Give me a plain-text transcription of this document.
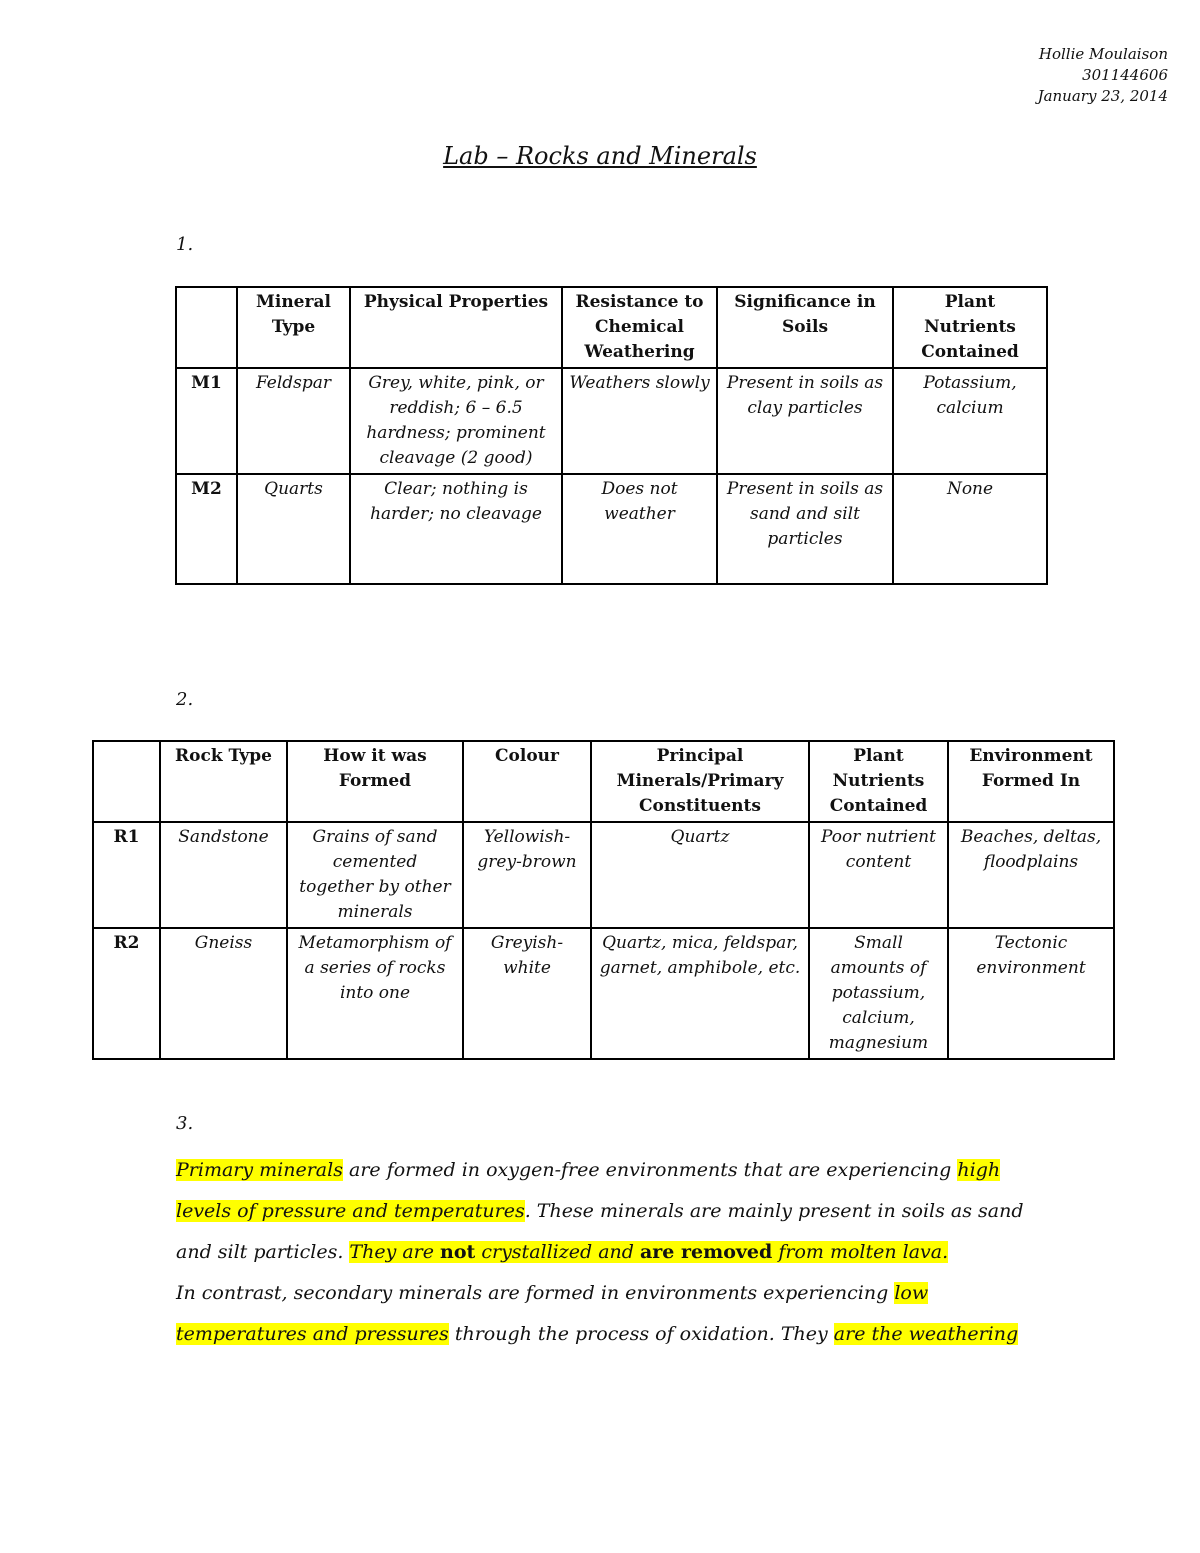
Hollie Moulaison
301144606
January 23, 2014
Lab – Rocks and Minerals
1.
	Mineral Type	Physical Properties	Resistance to Chemical Weathering	Significance in Soils	Plant Nutrients Contained
M1	Feldspar	Grey, white, pink, or reddish; 6 – 6.5 hardness; prominent cleavage (2 good)	Weathers slowly	Present in soils as clay particles	Potassium, calcium
M2	Quarts	Clear; nothing is harder; no cleavage	Does not weather	Present in soils as sand and silt particles	None
2.
	Rock Type	How it was Formed	Colour	Principal Minerals/Primary Constituents	Plant Nutrients Contained	Environment Formed In
R1	Sandstone	Grains of sand cemented together by other minerals	Yellowish-grey-brown	Quartz	Poor nutrient content	Beaches, deltas, floodplains
R2	Gneiss	Metamorphism of a series of rocks into one	Greyish-white	Quartz, mica, feldspar, garnet, amphibole, etc.	Small amounts of potassium, calcium, magnesium	Tectonic environment
3.

Primary minerals are formed in oxygen-free environments that are experiencing high levels of pressure and temperatures. These minerals are mainly present in soils as sand and silt particles. They are not crystallized and are removed from molten lava.

In contrast, secondary minerals are formed in environments experiencing low temperatures and pressures through the process of oxidation. They are the weathering
